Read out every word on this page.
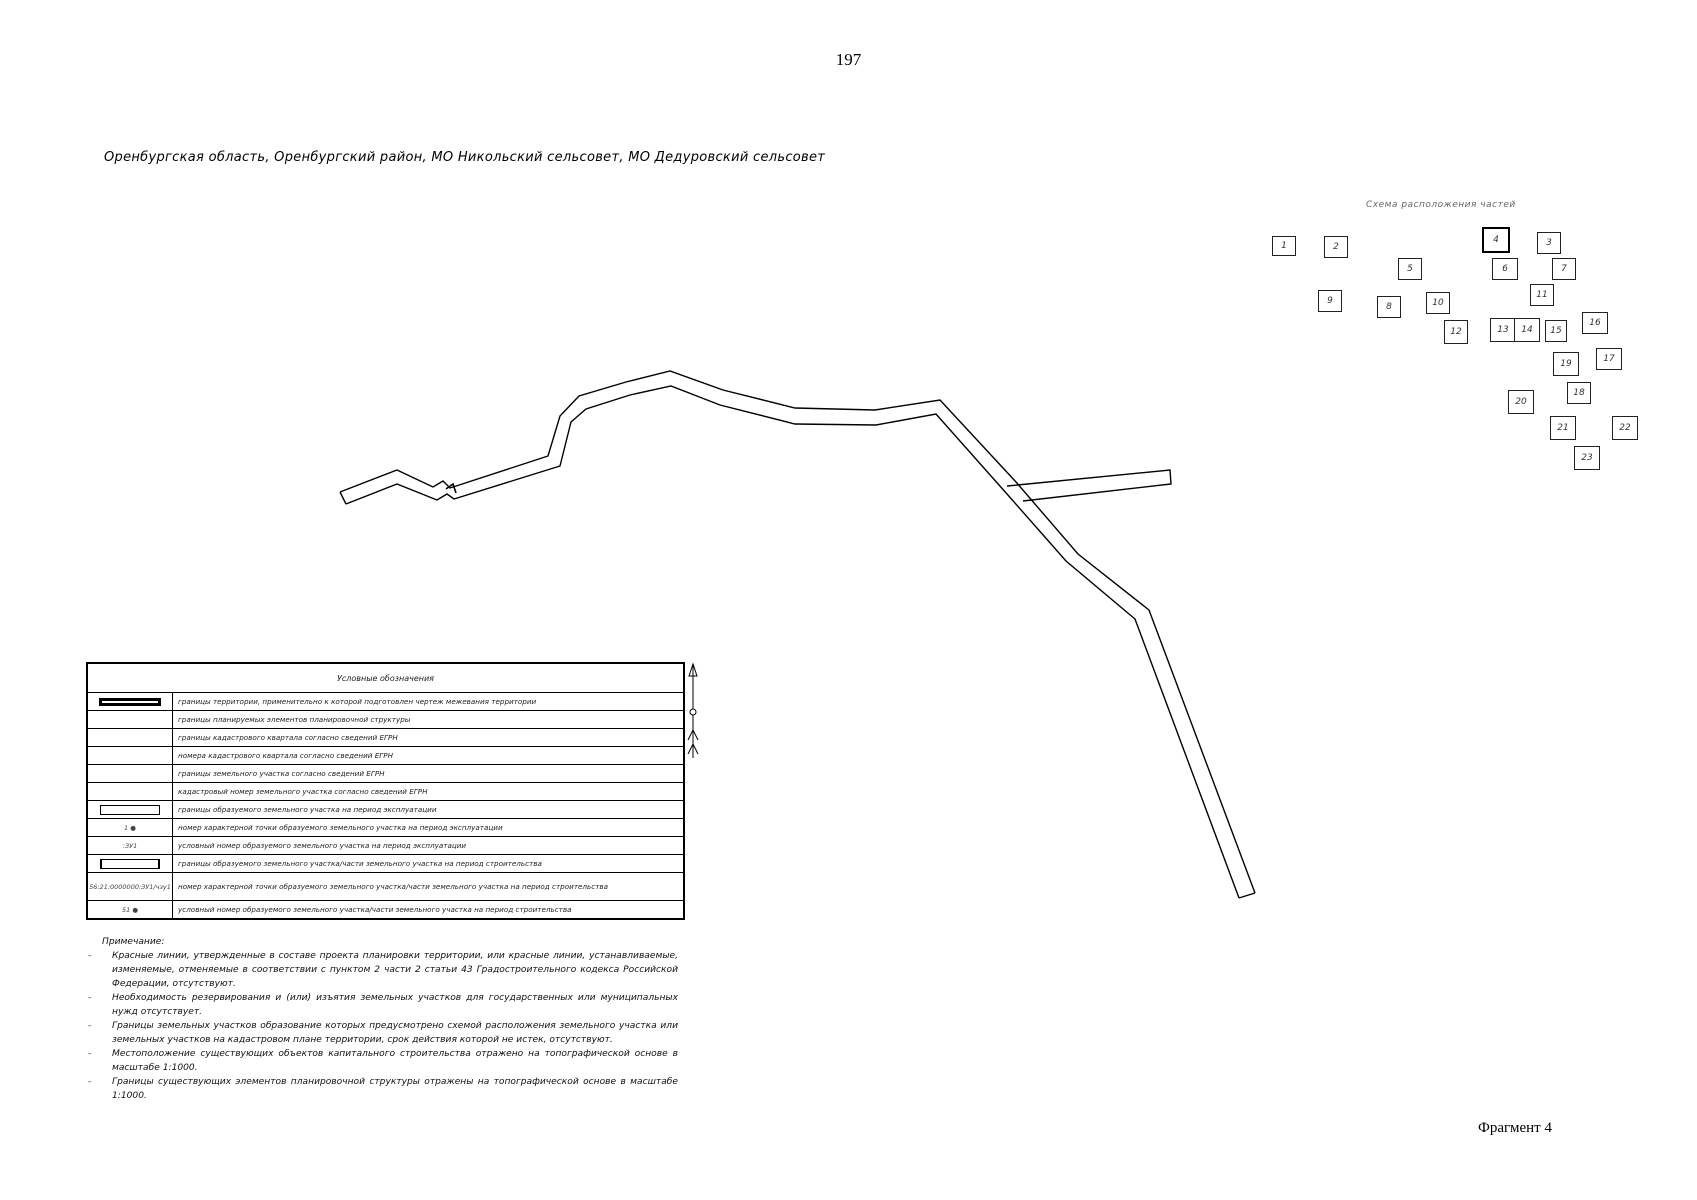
197
Оренбургская область, Оренбургский район, МО Никольский сельсовет, МО Дедуровский сельсовет
Схема расположения частей
1	2	3
4
5	6	7
8
9	10
11
12	13 14 15
16
17
18
19
20
21	22
23
Условные обозначения
границы территории, применительно к которой подготовлен чертеж межевания территории
границы планируемых элементов планировочной структуры
границы кадастрового квартала согласно сведений ЕГРН
номера кадастрового квартала согласно сведений ЕГРН
границы земельного участка согласно сведений ЕГРН
кадастровый номер земельного участка согласно сведений ЕГРН
границы образуемого земельного участка на период эксплуатации
1 ●	номер характерной точки образуемого земельного участка на период эксплуатации
:ЗУ1	условный номер образуемого земельного участка на период эксплуатации
границы образуемого земельного участка/части земельного участка на период строительства
56:21:0000000:ЗУ1/чзу1 номер характерной точки образуемого земельного участка/части земельного участка на период строительства
51 ●	условный номер образуемого земельного участка/части земельного участка на период строительства
Примечание:
- Красные линии, утвержденные в составе проекта планировки территории, или красные линии, устанавливаемые, изменяемые, отменяемые в соответствии с пунктом 2 части 2 статьи 43 Градостроительного кодекса Российской Федерации, отсутствуют.
- Необходимость резервирования и (или) изъятия земельных участков для государственных или муниципальных нужд отсутствует.
- Границы земельных участков образование которых предусмотрено схемой расположения земельного участка или земельных участков на кадастровом плане территории, срок действия которой не истек, отсутствуют.
- Местоположение существующих объектов капитального строительства отражено на топографической основе в масштабе 1:1000.
- Границы существующих элементов планировочной структуры отражены на топографической основе в масштабе 1:1000.
Фрагмент 4
